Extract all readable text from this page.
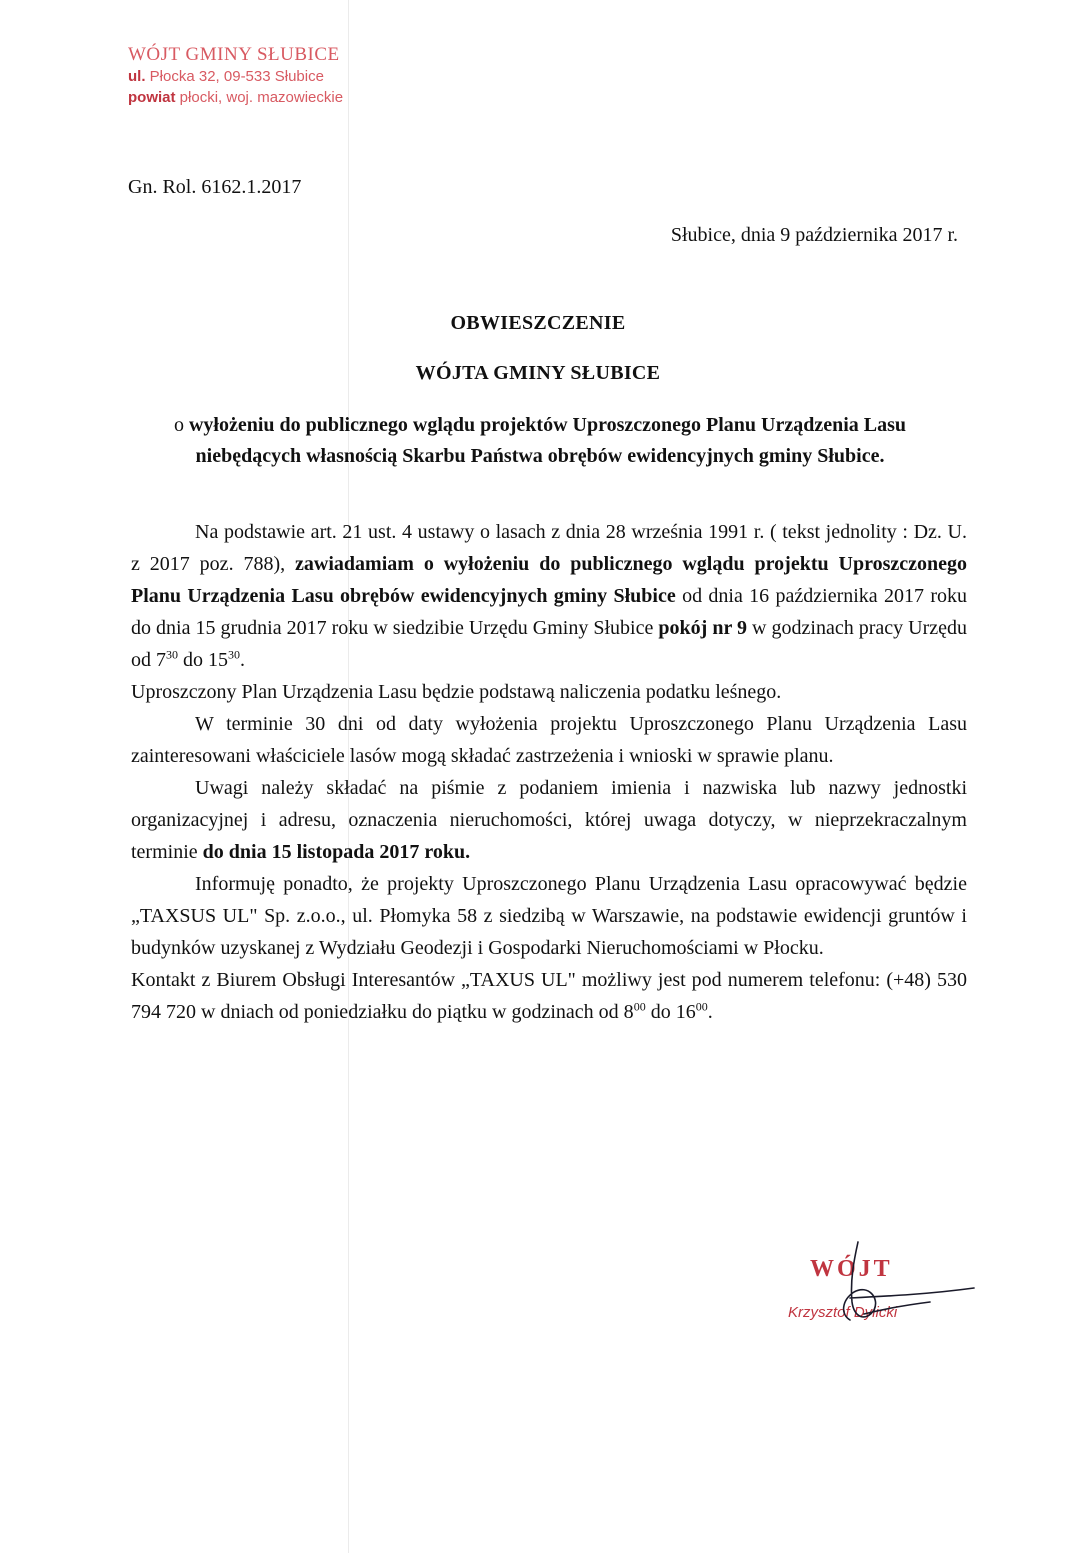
WÓJT GMINY SŁUBICE
ul. Płocka 32, 09-533 Słubice
powiat płocki, woj. mazowieckie
Gn. Rol. 6162.1.2017
Słubice, dnia 9 października 2017 r.
OBWIESZCZENIE
WÓJTA GMINY SŁUBICE
o wyłożeniu do publicznego wglądu projektów Uproszczonego Planu Urządzenia Lasu niebędących własnością Skarbu Państwa obrębów ewidencyjnych gminy Słubice.

Na podstawie art. 21 ust. 4 ustawy o lasach z dnia 28 września 1991 r. ( tekst jednolity : Dz. U. z 2017 poz. 788), zawiadamiam o wyłożeniu do publicznego wglądu projektu Uproszczonego Planu Urządzenia Lasu obrębów ewidencyjnych gminy Słubice od dnia 16 października 2017 roku do dnia 15 grudnia 2017 roku w siedzibie Urzędu Gminy Słubice pokój nr 9 w godzinach pracy Urzędu od $7^{30}$ do $15^{30}$.

Uproszczony Plan Urządzenia Lasu będzie podstawą naliczenia podatku leśnego.

W terminie 30 dni od daty wyłożenia projektu Uproszczonego Planu Urządzenia Lasu zainteresowani właściciele lasów mogą składać zastrzeżenia i wnioski w sprawie planu.

Uwagi należy składać na piśmie z podaniem imienia i nazwiska lub nazwy jednostki organizacyjnej i adresu, oznaczenia nieruchomości, której uwaga dotyczy, w nieprzekraczalnym terminie do dnia 15 listopada 2017 roku.

Informuję ponadto, że projekty Uproszczonego Planu Urządzenia Lasu opracowywać będzie „TAXSUS UL" Sp. z.o.o., ul. Płomyka 58 z siedzibą w Warszawie, na podstawie ewidencji gruntów i budynków uzyskanej z Wydziału Geodezji i Gospodarki Nieruchomościami w Płocku.

Kontakt z Biurem Obsługi Interesantów „TAXUS UL" możliwy jest pod numerem telefonu: (+48) 530 794 720 w dniach od poniedziałku do piątku w godzinach od $8^{00}$ do $16^{00}$.

WÓJT
Krzysztof Dylicki
